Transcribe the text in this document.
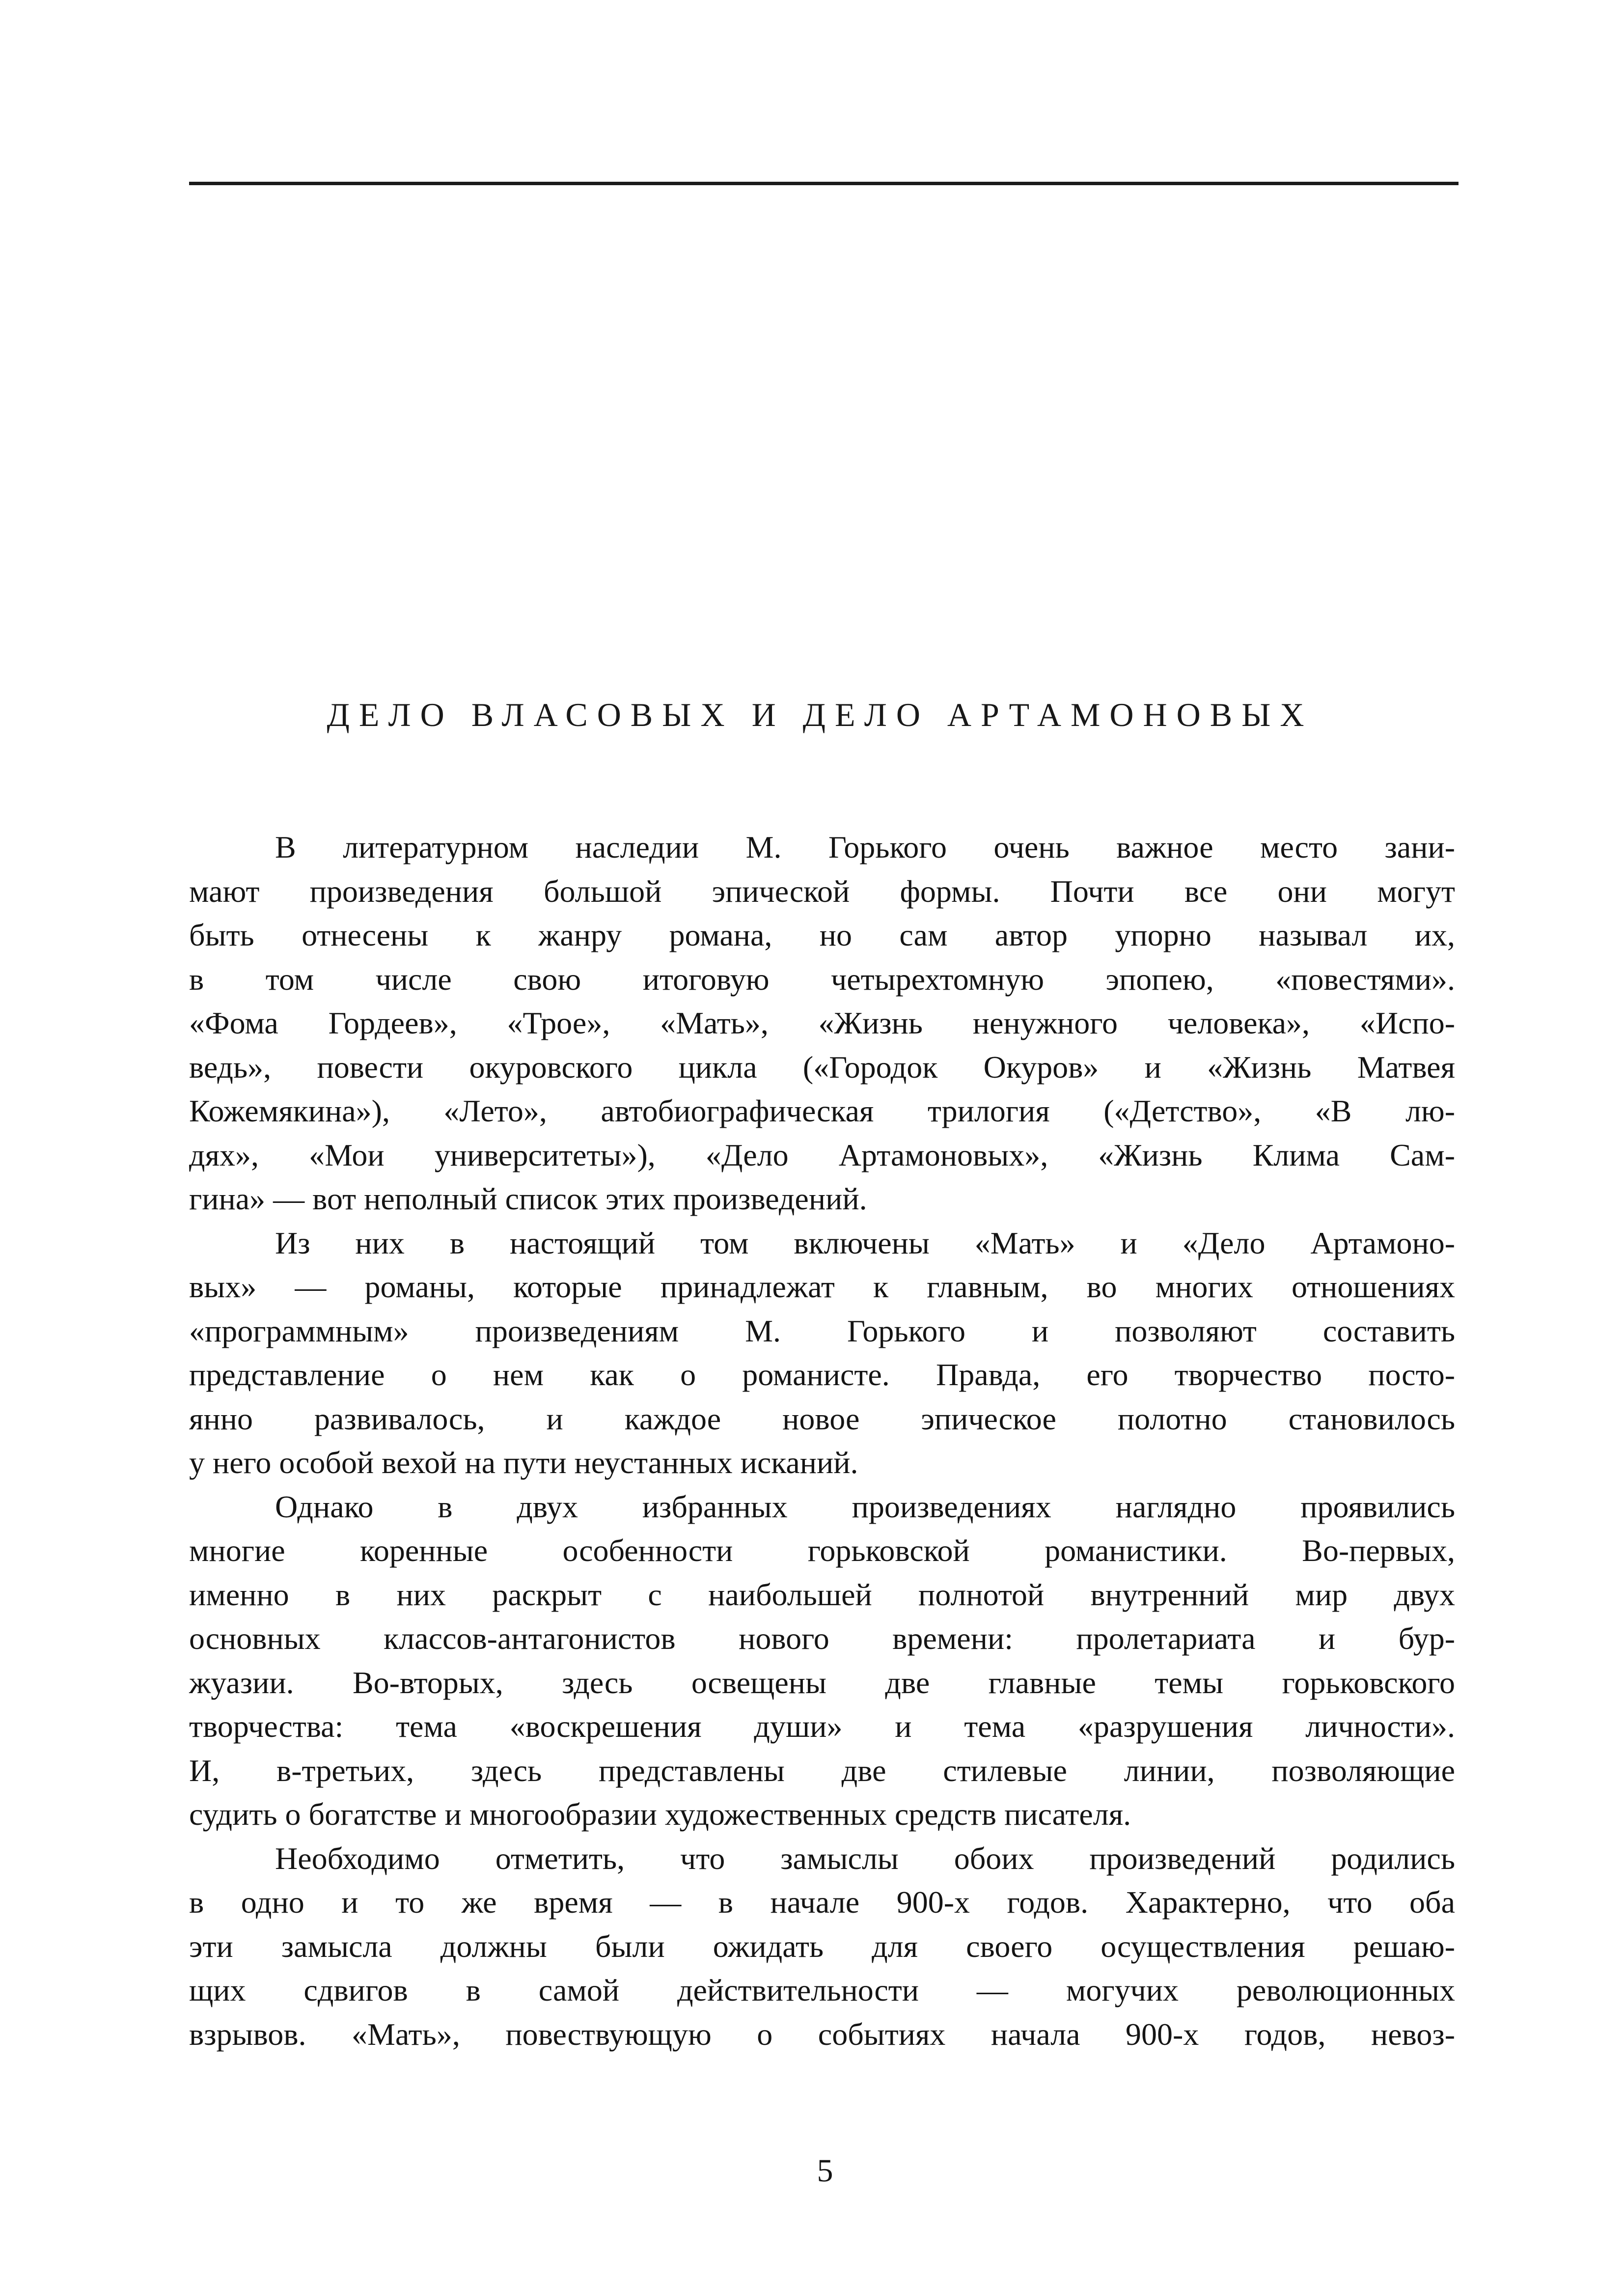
ДЕЛО ВЛАСОВЫХ И ДЕЛО АРТАМОНОВЫХ

В литературном наследии М. Горького очень важное место зани-
мают произведения большой эпической формы. Почти все они могут
быть отнесены к жанру романа, но сам автор упорно называл их,
в том числе свою итоговую четырехтомную эпопею, «повестями».
«Фома Гордеев», «Трое», «Мать», «Жизнь ненужного человека», «Испо-
ведь», повести окуровского цикла («Городок Окуров» и «Жизнь Матвея
Кожемякина»), «Лето», автобиографическая трилогия («Детство», «В лю-
дях», «Мои университеты»), «Дело Артамоновых», «Жизнь Клима Сам-
гина» — вот неполный список этих произведений.

Из них в настоящий том включены «Мать» и «Дело Артамоно-
вых» — романы, которые принадлежат к главным, во многих отношениях
«программным» произведениям М. Горького и позволяют составить
представление о нем как о романисте. Правда, его творчество посто-
янно развивалось, и каждое новое эпическое полотно становилось
у него особой вехой на пути неустанных исканий.

Однако в двух избранных произведениях наглядно проявились
многие коренные особенности горьковской романистики. Во-первых,
именно в них раскрыт с наибольшей полнотой внутренний мир двух
основных классов-антагонистов нового времени: пролетариата и бур-
жуазии. Во-вторых, здесь освещены две главные темы горьковского
творчества: тема «воскрешения души» и тема «разрушения личности».
И, в-третьих, здесь представлены две стилевые линии, позволяющие
судить о богатстве и многообразии художественных средств писателя.

Необходимо отметить, что замыслы обоих произведений родились
в одно и то же время — в начале 900-х годов. Характерно, что оба
эти замысла должны были ожидать для своего осуществления решаю-
щих сдвигов в самой действительности — могучих революционных
взрывов. «Мать», повествующую о событиях начала 900-х годов, невоз-

5
